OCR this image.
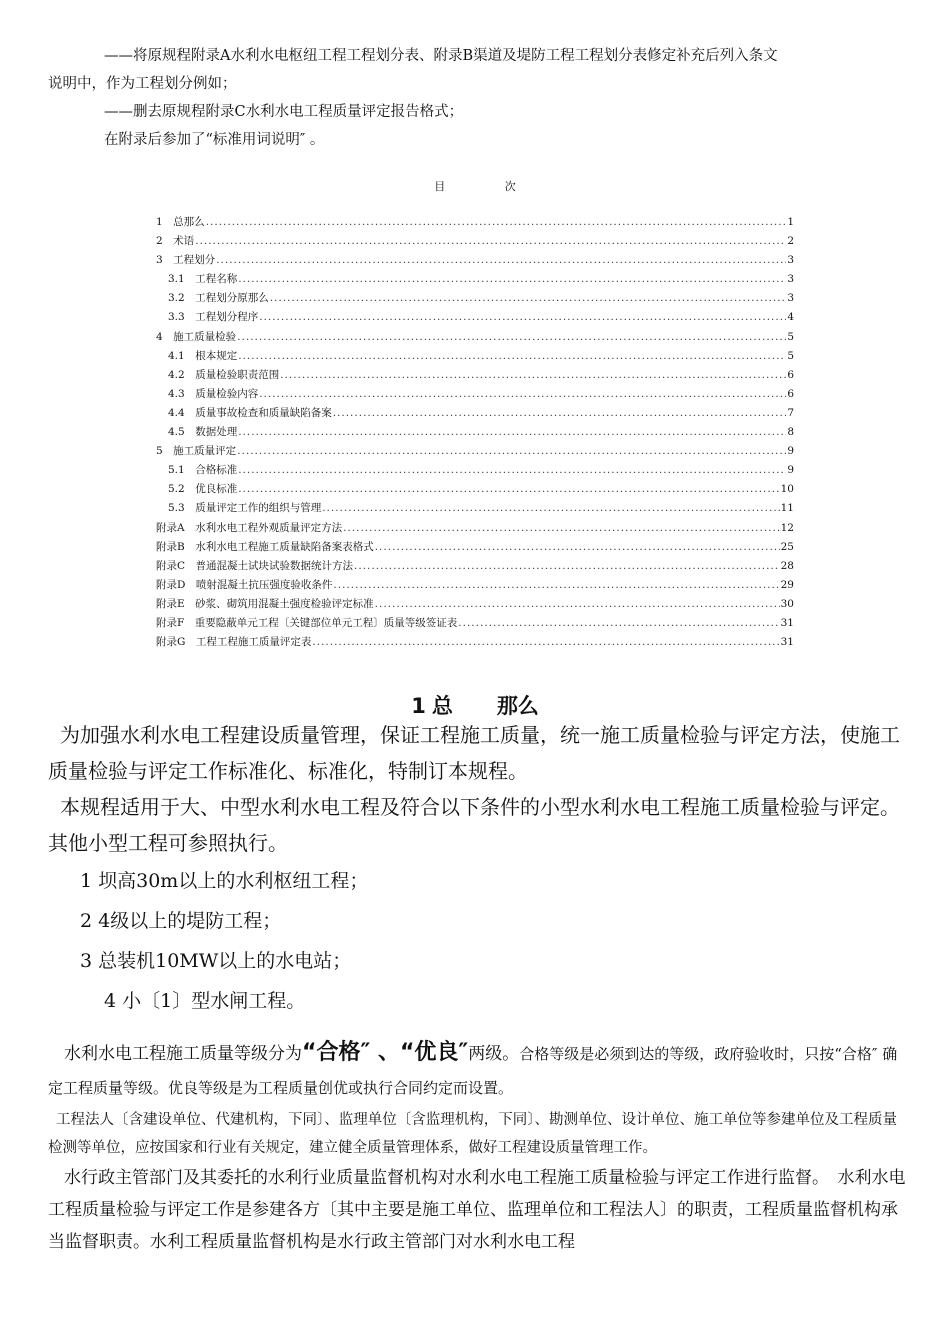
——将原规程附录A水利水电枢纽工程工程划分表、附录B渠道及堤防工程工程划分表修定补充后列入条文

说明中，作为工程划分例如；

——删去原规程附录C水利水电工程质量评定报告格式；

在附录后参加了“标准用词说明″ 。

目 次
1　总那么 .....	1
2　术语 .....	2
3　工程划分 .....	3
3.1　工程名称 .....	3
3.2　工程划分原那么 .....	3
3.3　工程划分程序 .....	4
4　施工质量检验 .....	5
4.1　根本规定 .....	5
4.2　质量检验职责范围 .....	6
4.3　质量检验内容 .....	6
4.4　质量事故检查和质量缺陷备案 .....	7
4.5　数据处理 .....	8
5　施工质量评定 .....	9
5.1　合格标准 .....	9
5.2　优良标准 .....	10
5.3　质量评定工作的组织与管理 .....	11
附录A　水利水电工程外观质量评定方法 .....	12
附录B　水利水电工程施工质量缺陷备案表格式 .....	25
附录C　普通混凝土试块试验数据统计方法 .....	28
附录D　喷射混凝土抗压强度验收条件 .....	29
附录E　砂浆、砌筑用混凝土强度检验评定标准 .....	30
附录F　重要隐蔽单元工程〔关键部位单元工程〕质量等级签证表 .....	31
附录G　工程工程施工质量评定表 .....	31
1 总 那么

为加强水利水电工程建设质量管理，保证工程施工质量，统一施工质量检验与评定方法，使施工质量检验与评定工作标准化、标准化，特制订本规程。

本规程适用于大、中型水利水电工程及符合以下条件的小型水利水电工程施工质量检验与评定。其他小型工程可参照执行。

1 坝高30m以上的水利枢纽工程；
2 4级以上的堤防工程；
3 总装机10MW以上的水电站；
4 小〔1〕型水闸工程。
水利水电工程施工质量等级分为“合格″ 、“优良″两级。合格等级是必须到达的等级，政府验收时，只按“合格″ 确定工程质量等级。优良等级是为工程质量创优或执行合同约定而设置。

工程法人〔含建设单位、代建机构，下同〕、监理单位〔含监理机构，下同〕、勘测单位、设计单位、施工单位等参建单位及工程质量检测等单位，应按国家和行业有关规定，建立健全质量管理体系，做好工程建设质量管理工作。

水行政主管部门及其委托的水利行业质量监督机构对水利水电工程施工质量检验与评定工作进行监督。　水利水电工程质量检验与评定工作是参建各方〔其中主要是施工单位、监理单位和工程法人〕的职责，工程质量监督机构承当监督职责。水利工程质量监督机构是水行政主管部门对水利水电工程
